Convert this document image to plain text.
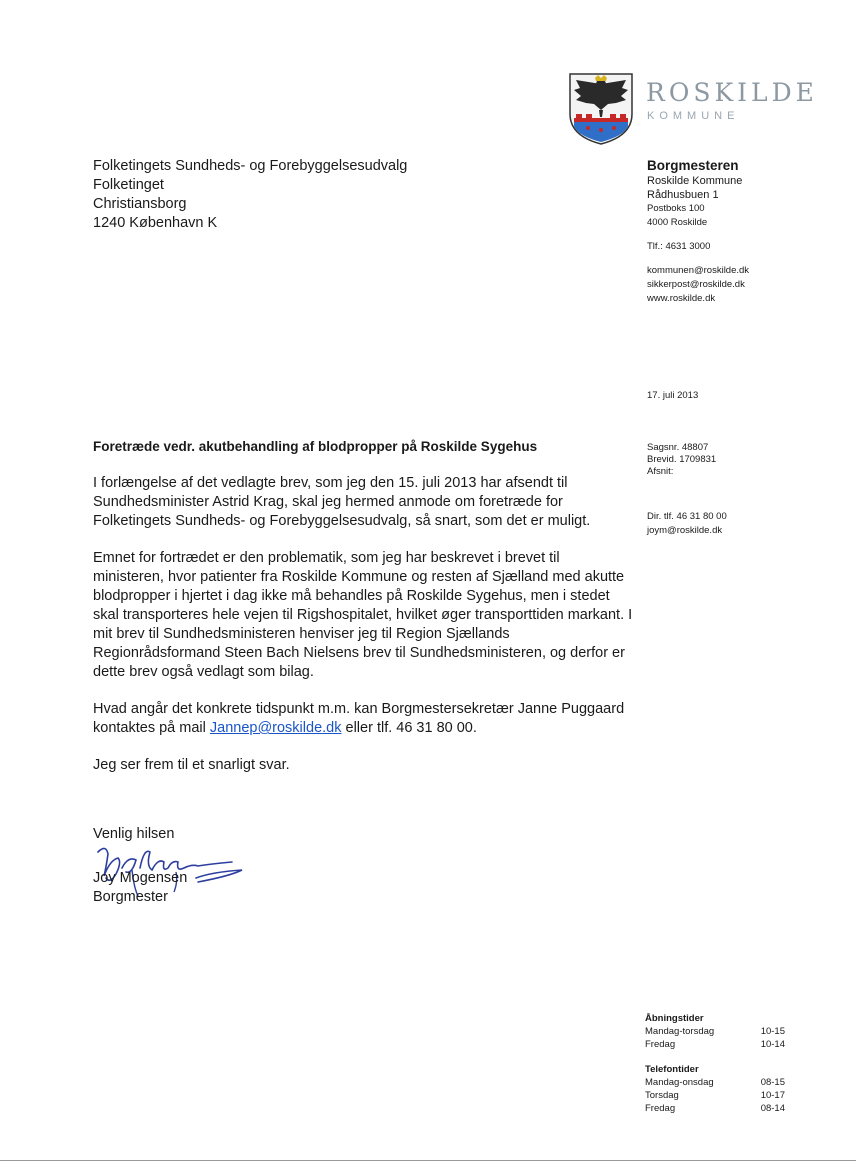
ROSKILDE
KOMMUNE
Folketingets Sundheds- og Forebyggelsesudvalg
Folketinget
Christiansborg
1240 København K
Borgmesteren
Roskilde Kommune
Rådhusbuen 1
Postboks 100
4000 Roskilde
Tlf.: 4631 3000
kommunen@roskilde.dk
sikkerpost@roskilde.dk
www.roskilde.dk
17. juli 2013
Sagsnr. 48807
Brevid. 1709831
Afsnit:
Dir. tlf. 46 31 80 00
joym@roskilde.dk
Foretræde vedr. akutbehandling af blodpropper på Roskilde Sygehus

I forlængelse af det vedlagte brev, som jeg den 15. juli 2013 har afsendt til Sundhedsminister Astrid Krag, skal jeg hermed anmode om foretræde for Folketingets Sundheds- og Forebyggelsesudvalg, så snart, som det er muligt.

Emnet for fortrædet er den problematik, som jeg har beskrevet i brevet til ministeren, hvor patienter fra Roskilde Kommune og resten af Sjælland med akutte blodpropper i hjertet i dag ikke må behandles på Roskilde Sygehus, men i stedet skal transporteres hele vejen til Rigshospitalet, hvilket øger transporttiden markant. I mit brev til Sundhedsministeren henviser jeg til Region Sjællands Regionrådsformand Steen Bach Nielsens brev til Sundhedsministeren, og derfor er dette brev også vedlagt som bilag.

Hvad angår det konkrete tidspunkt m.m. kan Borgmestersekretær Janne Puggaard kontaktes på mail Jannep@roskilde.dk eller tlf. 46 31 80 00.

Jeg ser frem til et snarligt svar.

Venlig hilsen
Joy Mogensen
Borgmester
Åbningstider
Mandag-torsdag	10-15
Fredag	10-14
Telefontider
Mandag-onsdag	08-15
Torsdag	10-17
Fredag	08-14
